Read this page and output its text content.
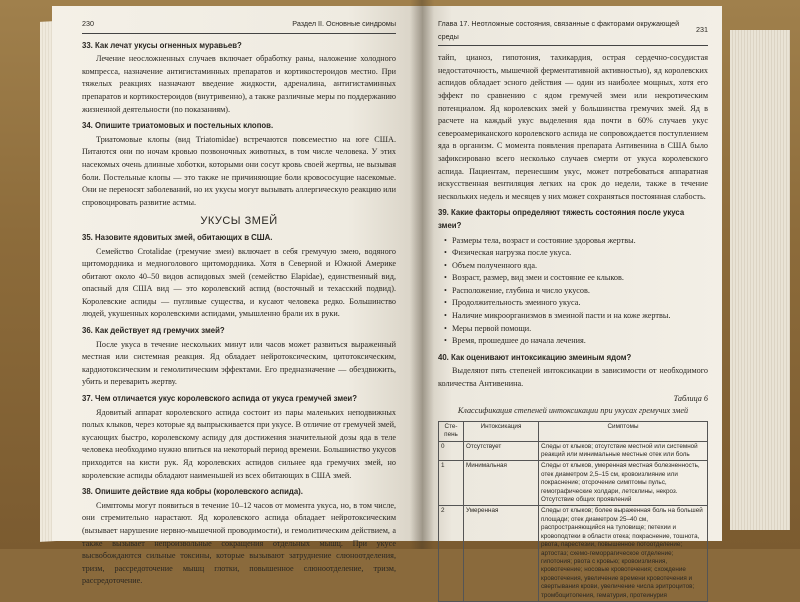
230	Раздел II. Основные синдромы
33. Как лечат укусы огненных муравьев?

Лечение неосложненных случаев включает обработку раны, наложение холодного компресса, назначение антигистаминных препаратов и кортикостероидов местно. При тяжелых реакциях назначают введение жидкости, адреналина, антигистаминных препаратов и кортикостероидов (внутривенно), а также различные меры по поддержанию жизненной деятельности (по показаниям).

34. Опишите триатомовых и постельных клопов.

Триатомовые клопы (вид Triatomidae) встречаются повсеместно на юге США. Питаются они по ночам кровью позвоночных животных, в том числе человека. У этих насекомых очень длинные хоботки, которыми они сосут кровь своей жертвы, не вызывая боли. Постельные клопы — это также не причиняющие боли кровососущие насекомые. Они не переносят заболеваний, но их укусы могут вызывать аллергическую реакцию или спровоцировать развитие астмы.

УКУСЫ ЗМЕЙ
35. Назовите ядовитых змей, обитающих в США.

Семейство Crotalidae (гремучие змеи) включает в себя гремучую змею, водяного щитомордника и медноголового щитомордника. Хотя в Северной и Южной Америке обитают около 40–50 видов аспидовых змей (семейство Elapidae), единственный вид, опасный для США вид — это королевский аспид (восточный и техасский подвид). Королевские аспиды — пугливые существа, и кусают человека редко. Большинство людей, укушенных королевскими аспидами, умышленно брали их в руки.

36. Как действует яд гремучих змей?

После укуса в течение нескольких минут или часов может развиться выраженный местная или системная реакция. Яд обладает нейротоксическим, цитотоксическим, кардиотоксическим и гемолитическим эффектами. Его предназначение — обездвижить, убить и переварить жертву.

37. Чем отличается укус королевского аспида от укуса гремучей змеи?

Ядовитый аппарат королевского аспида состоит из пары маленьких неподвижных полых клыков, через которые яд выпрыскивается при укусе. В отличие от гремучей змей, кусающих быстро, королевскому аспиду для достижения значительной дозы яда в теле человека необходимо нужно впиться на некоторый период времени. Большинство укусов приходится на кисти рук. Яд королевских аспидов сильнее яда гремучих змей, но королевские аспиды обладают наименьшей из всех обитающих в США змей.

38. Опишите действие яда кобры (королевского аспида).

Симптомы могут появиться в течение 10–12 часов от момента укуса, но, в том числе, они стремительно нарастают. Яд королевского аспида обладает нейротоксическим (вызывает нарушение нервно-мышечной проводимости), и гемолитическим действием, а также вызывает непроизвольные сокращения отдельных мышц. При укусе высвобождаются сильные токсины, которые вызывают затруднение слюноотделения, тризм, рассредоточение мышц глотки, повышенное слюноотделение, тризм, рассредоточение.

Глава 17. Неотложные состояния, связанные с факторами окружающей среды
231

тайп, цианоз, гипотония, тахикардия, острая сердечно-сосудистая недостаточность, мышечной ферментативной активностью), яд королевских аспидов обладает эсного действия — один из наиболее мощных, хотя его эффект по сравнению с ядом гремучей змеи или некротическим потенциалом. Яд королевских змей у большинства гремучих змей. Яд в расчете на каждый укус выделения яда почти в 60% случаев укус североамериканского королевского аспида не сопровождается поступлением яда в организм. С момента появления препарата Антивенина в США было зафиксировано всего несколько случаев смерти от укуса королевского аспида. Пациентам, перенесшим укус, может потребоваться аппаратная искусственная вентиляция легких на срок до недели, также в течение нескольких недель и месяцев у них может сохраняться постоянная слабость.

39. Какие факторы определяют тяжесть состояния после укуса змеи?
• Размеры тела, возраст и состояние здоровья жертвы.
• Физическая нагрузка после укуса.
• Объем полученного яда.
• Возраст, размер, вид змеи и состояние ее клыков.
• Расположение, глубина и число укусов.
• Продолжительность змеиного укуса.
• Наличие микроорганизмов в змеиной пасти и на коже жертвы.
• Меры первой помощи.
• Время, прошедшее до начала лечения.
40. Как оценивают интоксикацию змеиным ядом?

Выделяют пять степеней интоксикации в зависимости от необходимого количества Антивенина.

Таблица 6
Классификация степеней интоксикации при укусах гремучих змей
Сте-пень	Интоксикация	Симптомы
0	Отсутствует	Следы от клыков; отсутствие местной или системной реакций или минимальные местные отек или боль
1	Минимальная	Следы от клыков, умеренная местная болезненность, отек диаметром 2,5–15 см, кровоизлияние или покраснение; отсрочение симптомы пульс, гемографические холдари, летсклины, некроз. Отсутствие общих проявлений
2	Умеренная	Следы от клыков; более выраженная боль на большей площади; отек диаметром 25–40 см, распространяющийся на туловище; петехии и кровоподтеки в области отека; покраснение, тошнота, рвота, парестезии, повышенное потоотделение; артостаз; схемо-геморрагическое отделение; гипотония; рвота с кровью; кровоизлияния, кровотечение; носовые кровотечения; схождение кровотечения, увеличение времени кровотечения и свертывания крови, увеличение числа эритроцитов; тромбоцитопения, гематурия, протеинурия
